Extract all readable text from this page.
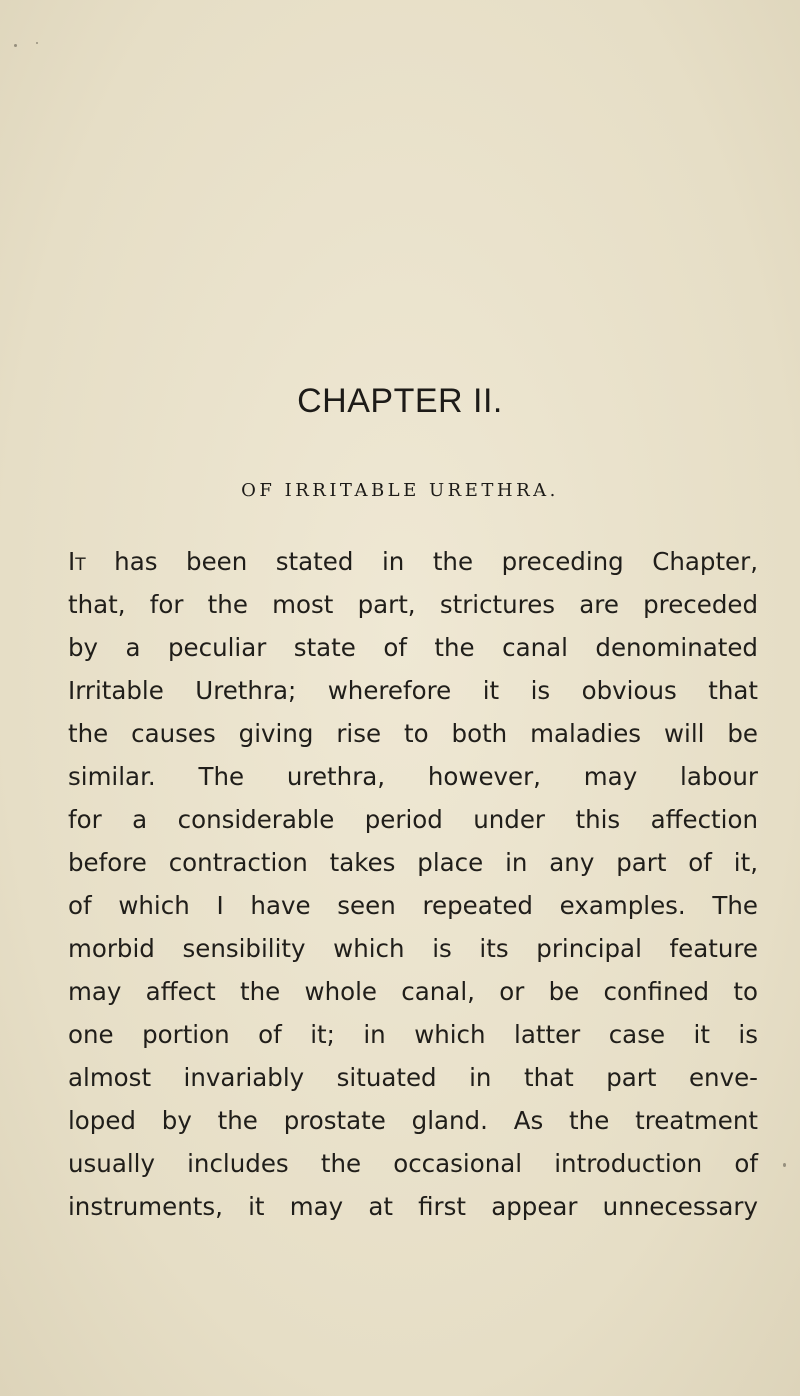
CHAPTER II.
OF IRRITABLE URETHRA.
It has been stated in the preceding Chapter,
that, for the most part, strictures are preceded
by a peculiar state of the canal denominated
Irritable Urethra; wherefore it is obvious that
the causes giving rise to both maladies will be
similar. The urethra, however, may labour
for a considerable period under this affection
before contraction takes place in any part of it,
of which I have seen repeated examples. The
morbid sensibility which is its principal feature
may affect the whole canal, or be confined to
one portion of it; in which latter case it is
almost invariably situated in that part enve-
loped by the prostate gland. As the treatment
usually includes the occasional introduction of
instruments, it may at first appear unnecessary
